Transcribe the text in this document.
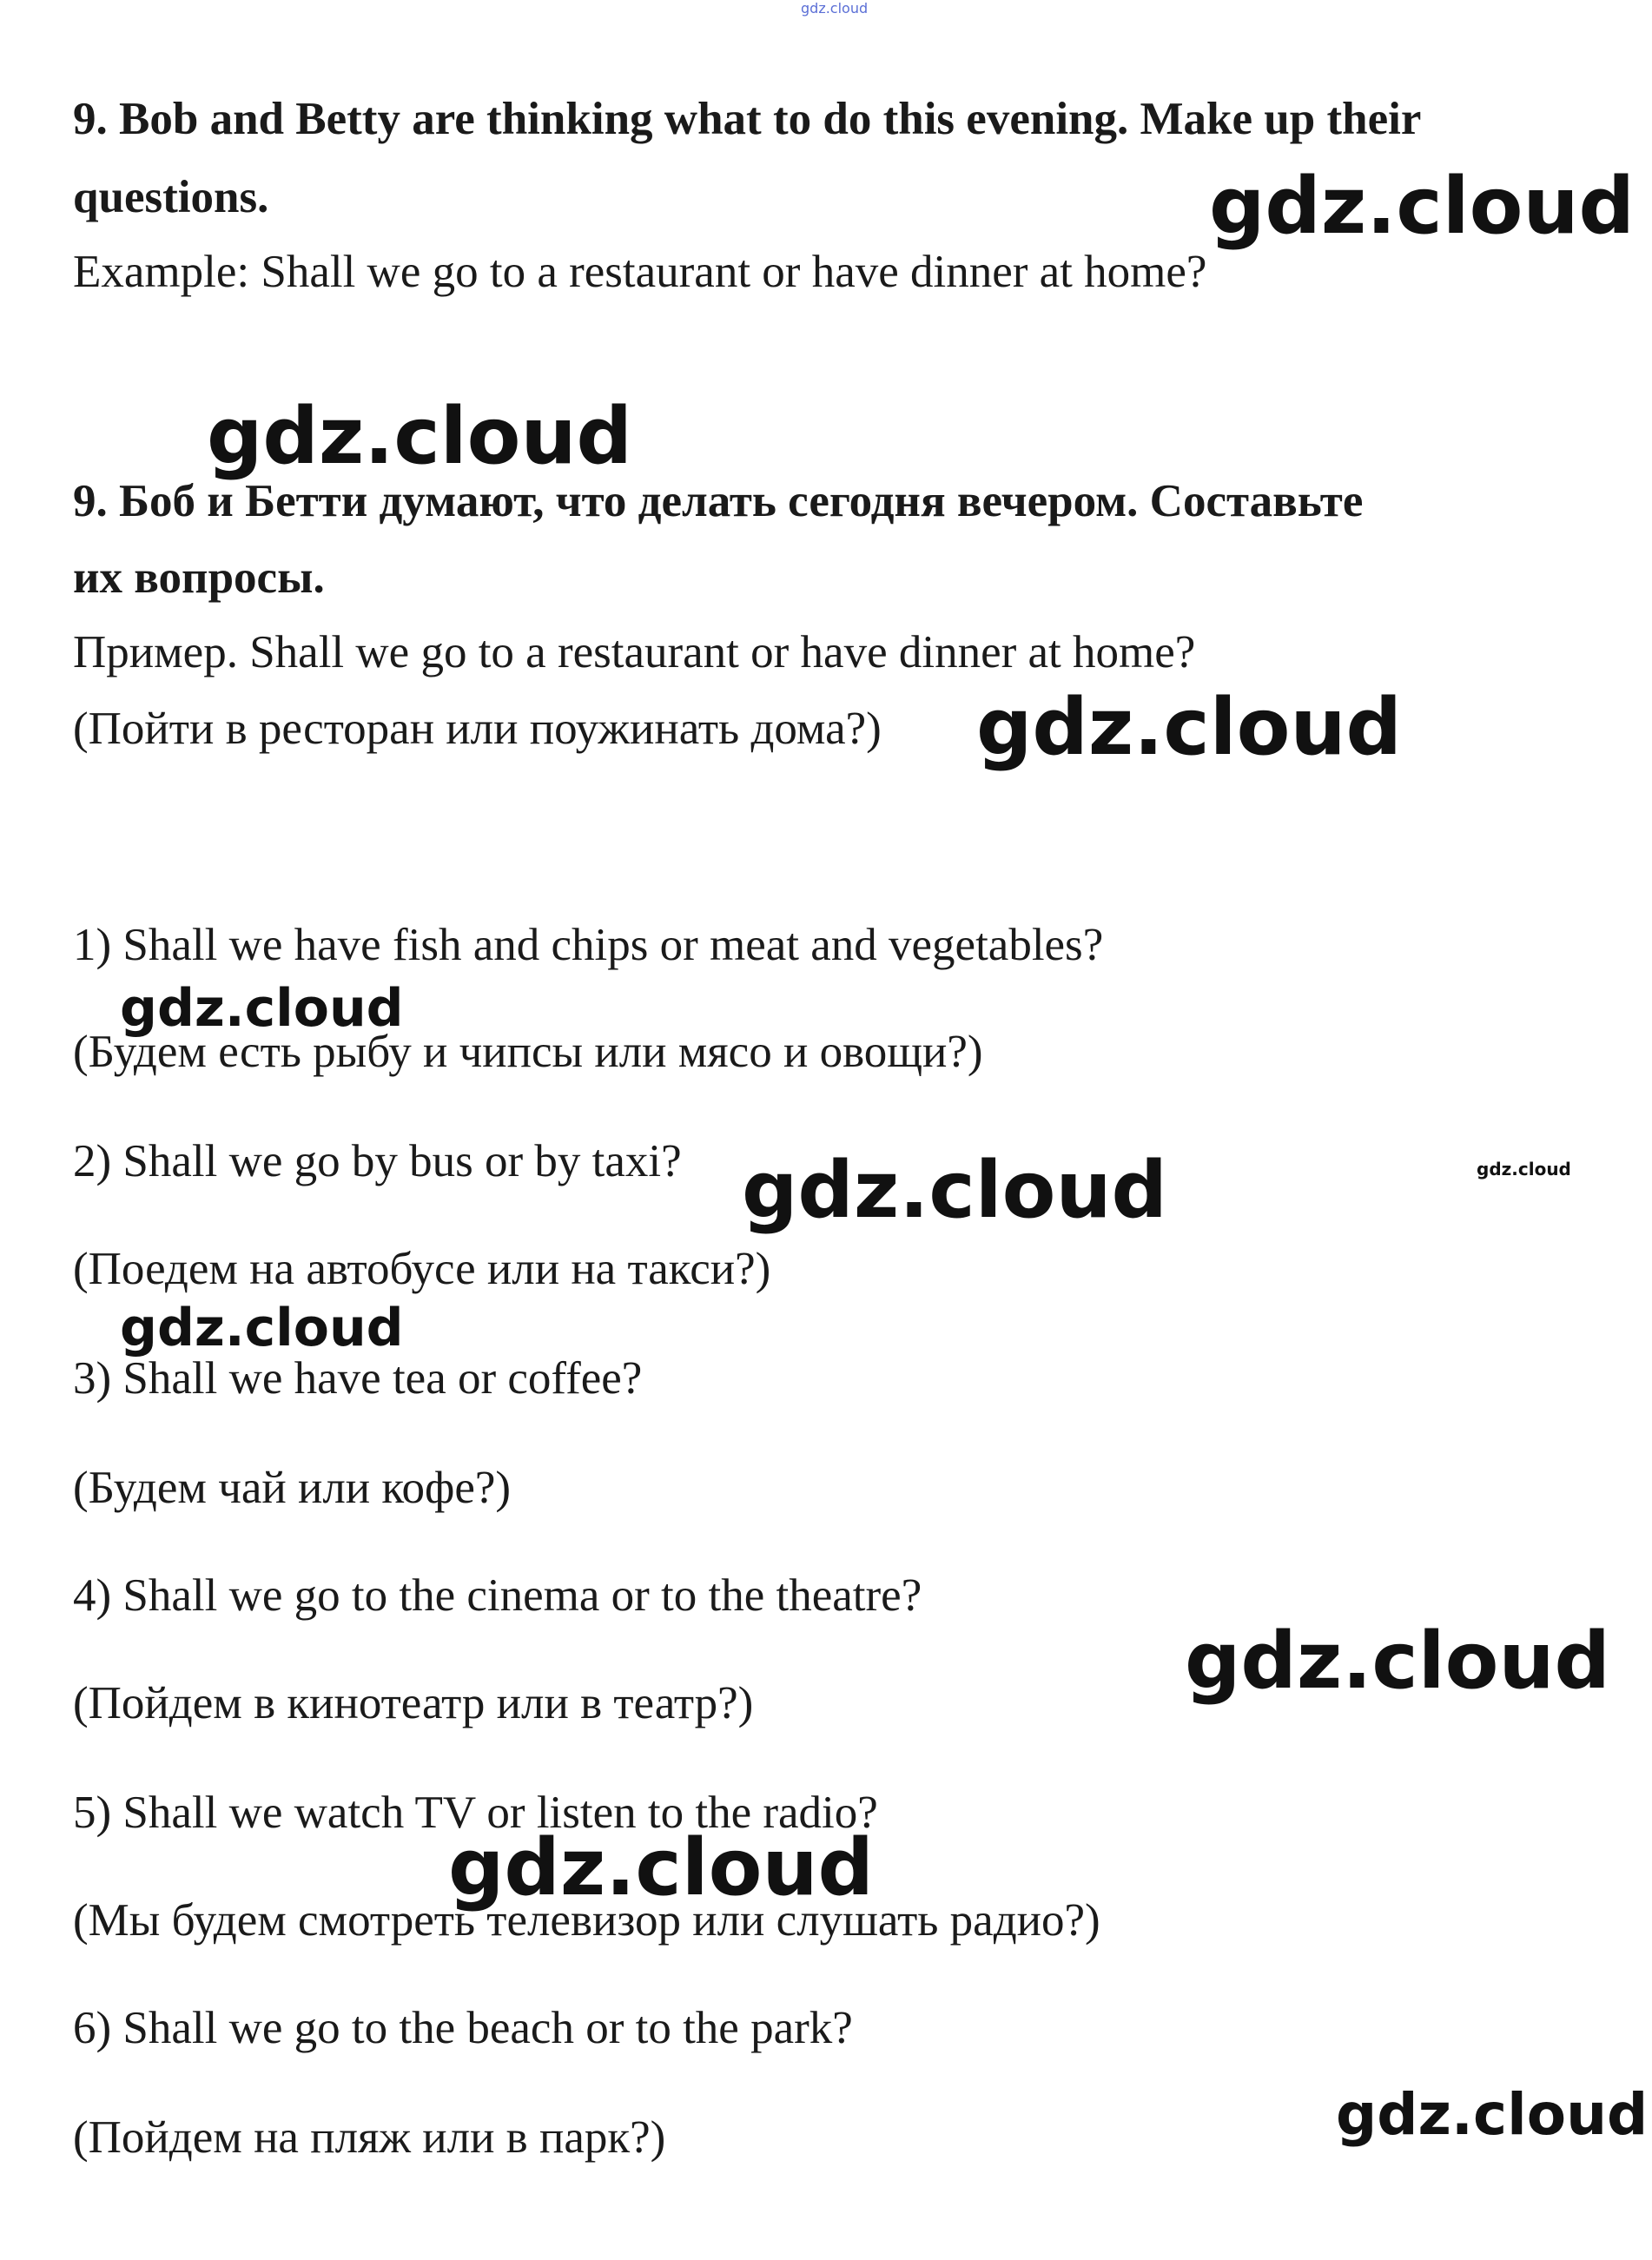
gdz.cloud
9. Bob and Betty are thinking what to do this evening. Make up their
questions.
Example: Shall we go to a restaurant or have dinner at home?
9. Боб и Бетти думают, что делать сегодня вечером. Составьте
их вопросы.
Пример. Shall we go to a restaurant or have dinner at home?
(Пойти в ресторан или поужинать дома?)
1) Shall we have fish and chips or meat and vegetables?
(Будем есть рыбу и чипсы или мясо и овощи?)
2) Shall we go by bus or by taxi?
(Поедем на автобусе или на такси?)
3) Shall we have tea or coffee?
(Будем чай или кофе?)
4) Shall we go to the cinema or to the theatre?
(Пойдем в кинотеатр или в театр?)
5) Shall we watch TV or listen to the radio?
(Мы будем смотреть телевизор или слушать радио?)
6) Shall we go to the beach or to the park?
(Пойдем на пляж или в парк?)
gdz.cloud
gdz.cloud
gdz.cloud
gdz.cloud
gdz.cloud	gdz.cloud
gdz.cloud
gdz.cloud
gdz.cloud
gdz.cloud
